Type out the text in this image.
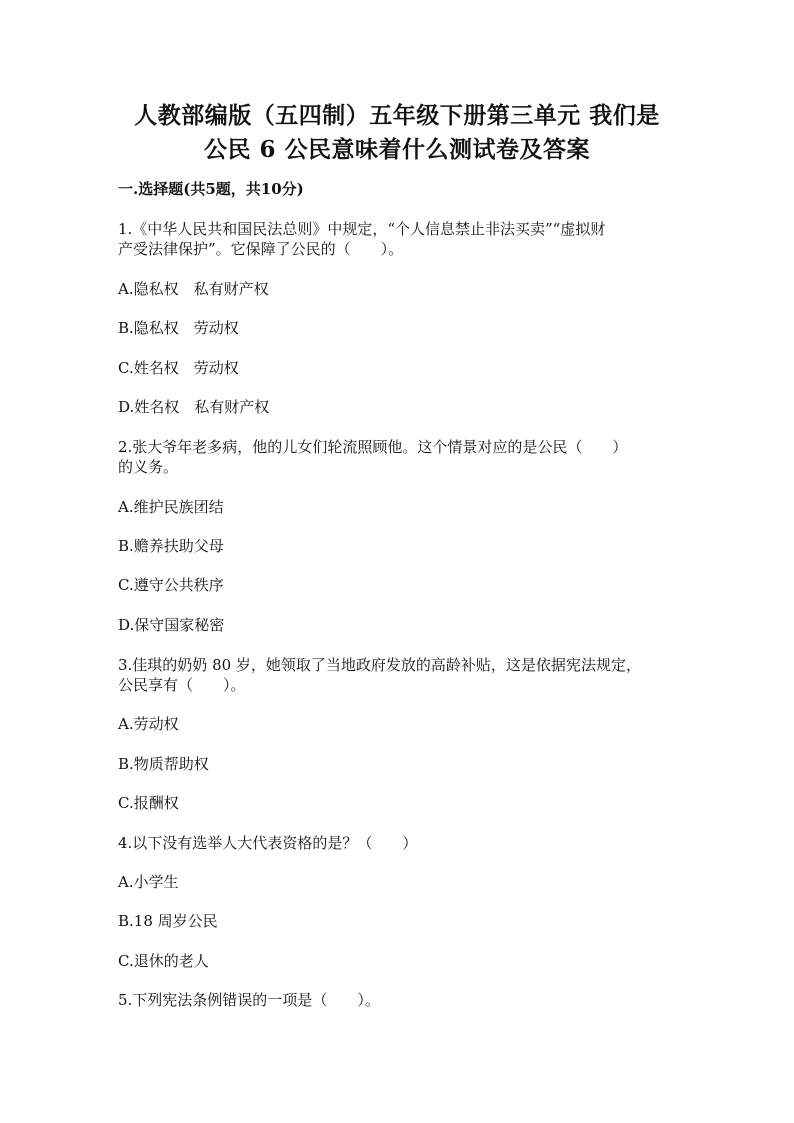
人教部编版（五四制）五年级下册第三单元 我们是
公民 6 公民意味着什么测试卷及答案
一.选择题(共5题，共10分)
1.《中华人民共和国民法总则》中规定，“个人信息禁止非法买卖”“虚拟财
产受法律保护”。它保障了公民的（　　）。
A.隐私权　私有财产权
B.隐私权　劳动权
C.姓名权　劳动权
D.姓名权　私有财产权
2.张大爷年老多病，他的儿女们轮流照顾他。这个情景对应的是公民（　　）
的义务。
A.维护民族团结
B.赡养扶助父母
C.遵守公共秩序
D.保守国家秘密
3.佳琪的奶奶 80 岁，她领取了当地政府发放的高龄补贴，这是依据宪法规定，
公民享有（　　）。
A.劳动权
B.物质帮助权
C.报酬权
4.以下没有选举人大代表资格的是？（　　）
A.小学生
B.18 周岁公民
C.退休的老人
5.下列宪法条例错误的一项是（　　）。
